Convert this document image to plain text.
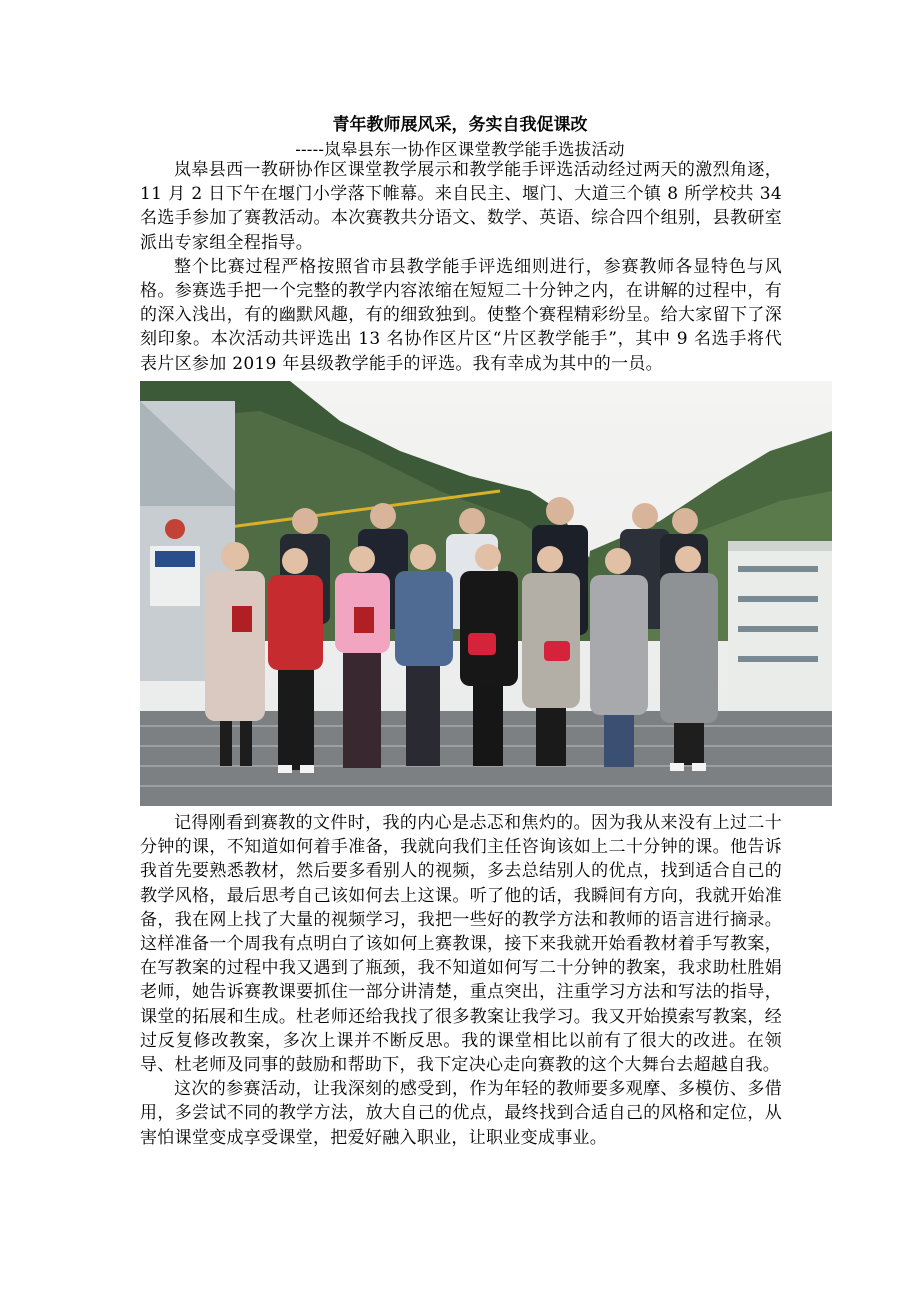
青年教师展风采，务实自我促课改
-----岚皋县东一协作区课堂教学能手选拔活动

岚皋县西一教研协作区课堂教学展示和教学能手评选活动经过两天的激烈角逐，11 月 2 日下午在堰门小学落下帷幕。来自民主、堰门、大道三个镇 8 所学校共 34 名选手参加了赛教活动。本次赛教共分语文、数学、英语、综合四个组别，县教研室派出专家组全程指导。

整个比赛过程严格按照省市县教学能手评选细则进行，参赛教师各显特色与风格。参赛选手把一个完整的教学内容浓缩在短短二十分钟之内，在讲解的过程中，有的深入浅出，有的幽默风趣，有的细致独到。使整个赛程精彩纷呈。给大家留下了深刻印象。本次活动共评选出 13 名协作区片区“片区教学能手”，其中 9 名选手将代表片区参加 2019 年县级教学能手的评选。我有幸成为其中的一员。

记得刚看到赛教的文件时，我的内心是忐忑和焦灼的。因为我从来没有上过二十分钟的课，不知道如何着手准备，我就向我们主任咨询该如上二十分钟的课。他告诉我首先要熟悉教材，然后要多看别人的视频，多去总结别人的优点，找到适合自己的教学风格，最后思考自己该如何去上这课。听了他的话，我瞬间有方向，我就开始准备，我在网上找了大量的视频学习，我把一些好的教学方法和教师的语言进行摘录。这样准备一个周我有点明白了该如何上赛教课，接下来我就开始看教材着手写教案，在写教案的过程中我又遇到了瓶颈，我不知道如何写二十分钟的教案，我求助杜胜娟老师，她告诉赛教课要抓住一部分讲清楚，重点突出，注重学习方法和写法的指导，课堂的拓展和生成。杜老师还给我找了很多教案让我学习。我又开始摸索写教案，经过反复修改教案，多次上课并不断反思。我的课堂相比以前有了很大的改进。在领导、杜老师及同事的鼓励和帮助下，我下定决心走向赛教的这个大舞台去超越自我。

这次的参赛活动，让我深刻的感受到，作为年轻的教师要多观摩、多模仿、多借用，多尝试不同的教学方法，放大自己的优点，最终找到合适自己的风格和定位，从害怕课堂变成享受课堂，把爱好融入职业，让职业变成事业。
